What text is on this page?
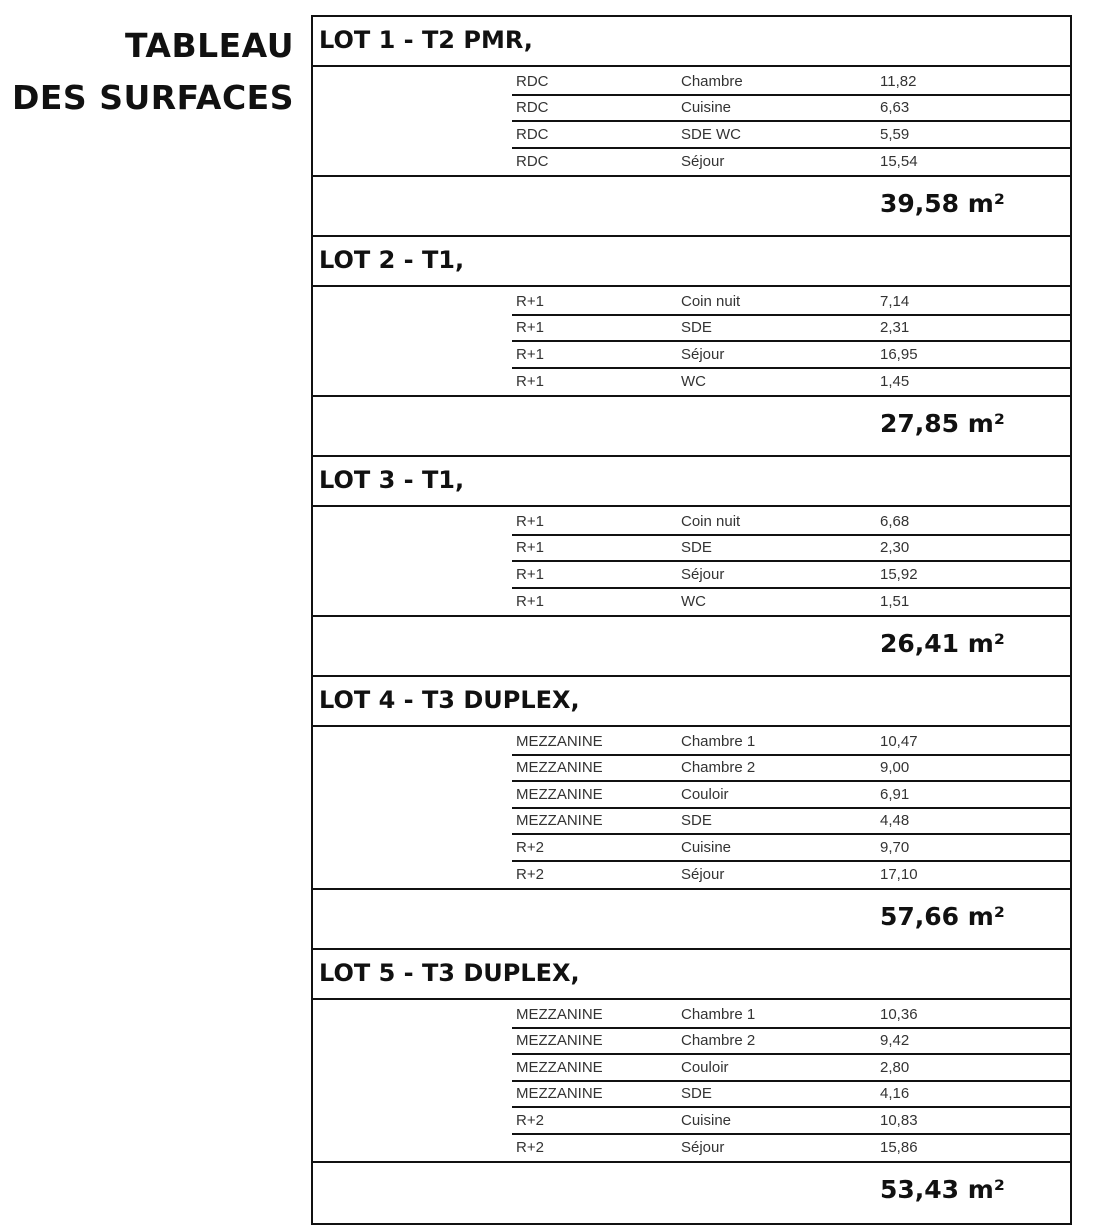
TABLEAU
DES SURFACES
LOT 1 - T2 PMR,
RDC	Chambre	11,82
RDC	Cuisine	6,63
RDC	SDE WC	5,59
RDC	Séjour	15,54
39,58 m²
LOT 2 - T1,
R+1	Coin nuit	7,14
R+1	SDE	2,31
R+1	Séjour	16,95
R+1	WC	1,45
27,85 m²
LOT 3 - T1,
R+1	Coin nuit	6,68
R+1	SDE	2,30
R+1	Séjour	15,92
R+1	WC	1,51
26,41 m²
LOT 4 - T3 DUPLEX,
MEZZANINE	Chambre 1	10,47
MEZZANINE	Chambre 2	9,00
MEZZANINE	Couloir	6,91
MEZZANINE	SDE	4,48
R+2	Cuisine	9,70
R+2	Séjour	17,10
57,66 m²
LOT 5 - T3 DUPLEX,
MEZZANINE	Chambre 1	10,36
MEZZANINE	Chambre 2	9,42
MEZZANINE	Couloir	2,80
MEZZANINE	SDE	4,16
R+2	Cuisine	10,83
R+2	Séjour	15,86
53,43 m²
